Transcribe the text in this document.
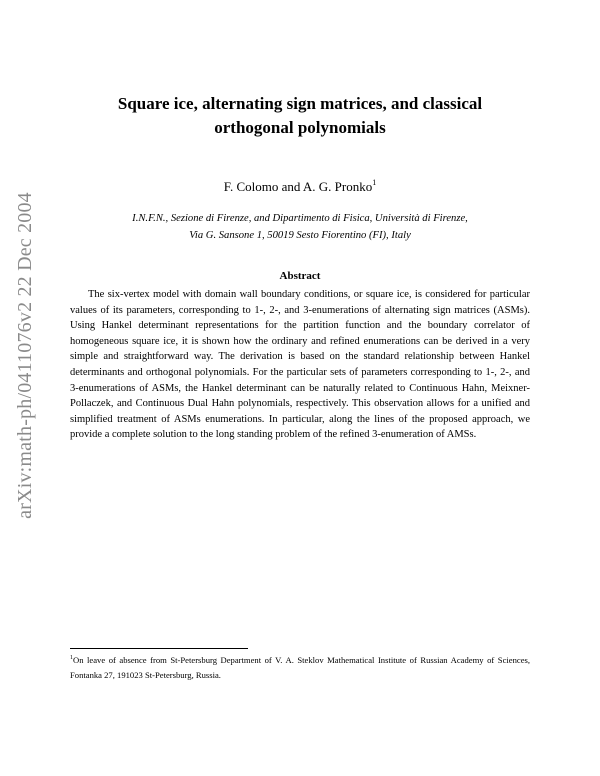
arXiv:math-ph/0411076v2 22 Dec 2004
Square ice, alternating sign matrices, and classical
orthogonal polynomials
F. Colomo and A. G. Pronko$^1$
I.N.F.N., Sezione di Firenze, and Dipartimento di Fisica, Università di Firenze,
Via G. Sansone 1, 50019 Sesto Fiorentino (FI), Italy
Abstract

The six-vertex model with domain wall boundary conditions, or square ice, is considered for particular values of its parameters, corresponding to 1-, 2-, and 3-enumerations of alternating sign matrices (ASMs). Using Hankel determinant representations for the partition function and the boundary correlator of homogeneous square ice, it is shown how the ordinary and refined enumerations can be derived in a very simple and straightforward way. The derivation is based on the standard relationship between Hankel determinants and orthogonal polynomials. For the particular sets of parameters corresponding to 1-, 2-, and 3-enumerations of ASMs, the Hankel determinant can be naturally related to Continuous Hahn, Meixner-Pollaczek, and Continuous Dual Hahn polynomials, respectively. This observation allows for a unified and simplified treatment of ASMs enumerations. In particular, along the lines of the proposed approach, we provide a complete solution to the long standing problem of the refined 3-enumeration of AMSs.

$^1$On leave of absence from St-Petersburg Department of V. A. Steklov Mathematical Institute of Russian Academy of Sciences, Fontanka 27, 191023 St-Petersburg, Russia.
